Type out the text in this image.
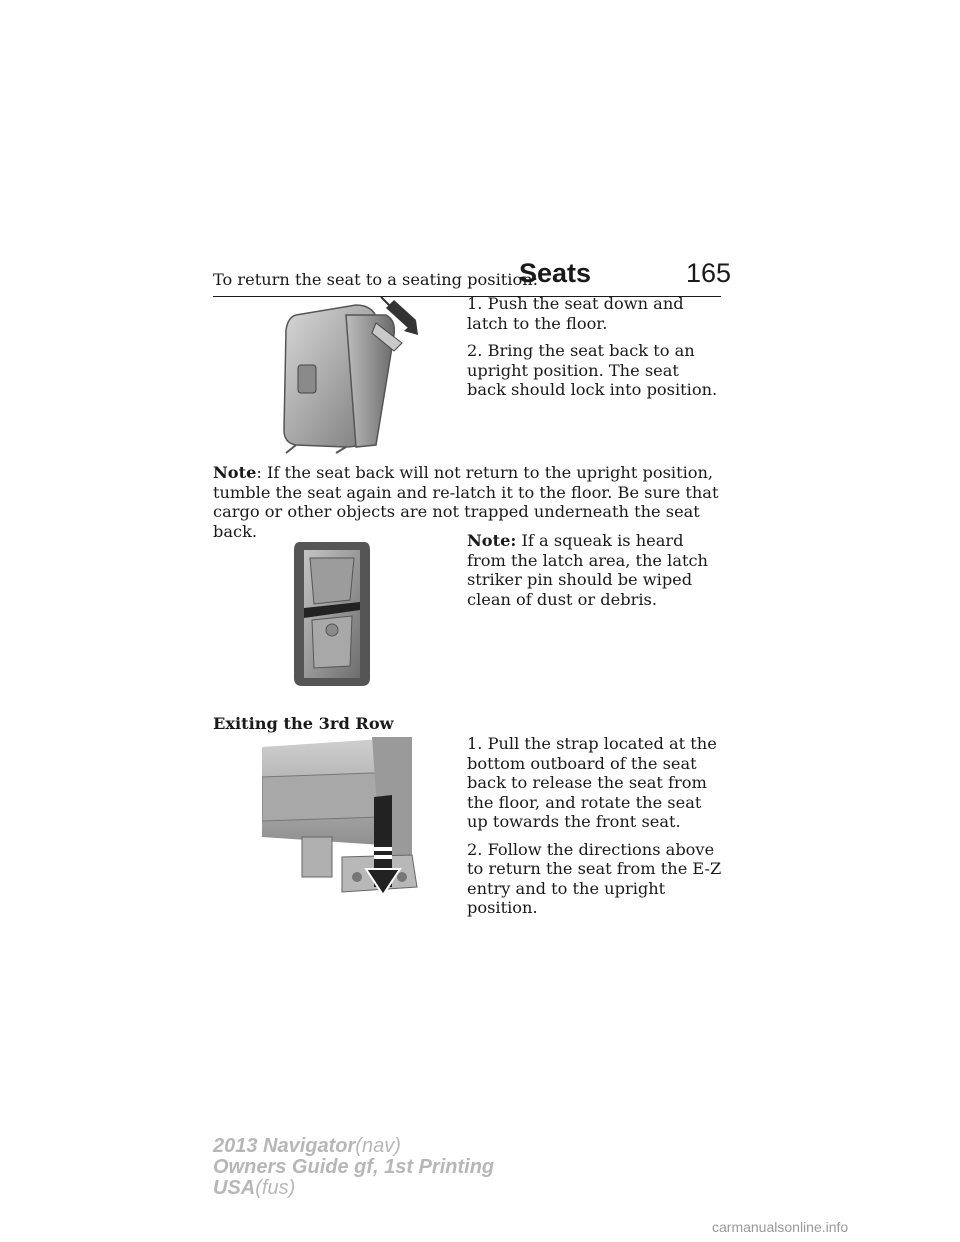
Seats	165

To return the seat to a seating position:

1. Push the seat down and latch to the floor.

2. Bring the seat back to an upright position. The seat back should lock into position.

Note: If the seat back will not return to the upright position, tumble the seat again and re-latch it to the floor. Be sure that cargo or other objects are not trapped underneath the seat back.	Note: If a squeak is heard from the latch area, the latch striker pin should be wiped clean of dust or debris.

Exiting the 3rd Row

1. Pull the strap located at the bottom outboard of the seat back to release the seat from the floor, and rotate the seat up towards the front seat.

2. Follow the directions above to return the seat from the E-Z entry and to the upright position.

2013 Navigator(nav)
Owners Guide gf, 1st Printing
USA(fus)
carmanualsonline.info
